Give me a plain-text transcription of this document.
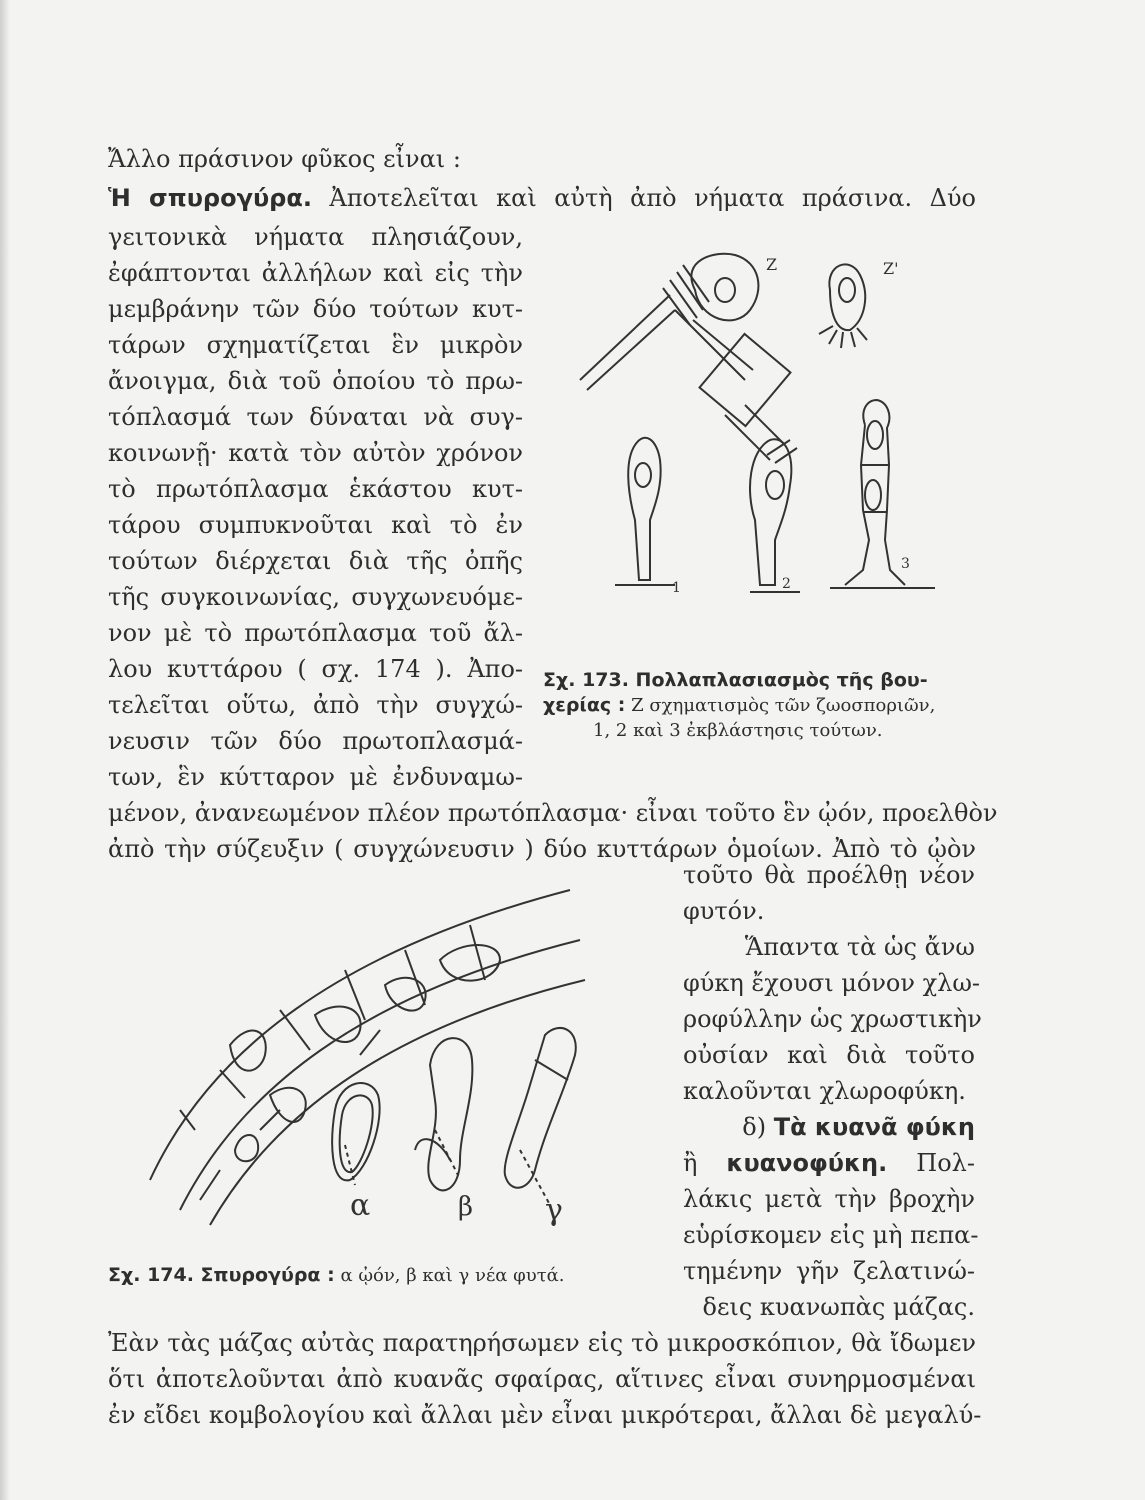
Ἄλλο πράσινον φῦκος εἶναι :
Ἡ σπυρογύρα. Ἀποτελεῖται καὶ αὐτὴ ἀπὸ νήματα πράσινα. Δύο
γειτονικὰ νήματα πλησιάζουν,
ἐφάπτονται ἀλλήλων καὶ εἰς τὴν
μεμβράνην τῶν δύο τούτων κυτ-
τάρων σχηματίζεται ἓν μικρὸν
ἄνοιγμα, διὰ τοῦ ὁποίου τὸ πρω-
τόπλασμά των δύναται νὰ συγ-
κοινωνῇ· κατὰ τὸν αὐτὸν χρόνον
τὸ πρωτόπλασμα ἑκάστου κυτ-
τάρου συμπυκνοῦται καὶ τὸ ἐν
τούτων διέρχεται διὰ τῆς ὀπῆς
τῆς συγκοινωνίας, συγχωνευόμε-
νον μὲ τὸ πρωτόπλασμα τοῦ ἄλ-
λου κυττάρου ( σχ. 174 ). Ἀπο-
τελεῖται οὕτω, ἀπὸ τὴν συγχώ-
νευσιν τῶν δύο πρωτοπλασμά-
των, ἓν κύτταρον μὲ ἐνδυναμω-
μένον, ἀνανεωμένον πλέον πρωτόπλασμα· εἶναι τοῦτο ἓν ᾠόν, προελθὸν
ἀπὸ τὴν σύζευξιν ( συγχώνευσιν ) δύο κυττάρων ὁμοίων. Ἀπὸ τὸ ᾠὸν
Z	Z'
1	2
3
Σχ. 173. Πολλαπλασιασμὸς τῆς βου-
χερίας : Z σχηματισμὸς τῶν ζωοσποριῶν,
1, 2 καὶ 3 ἐκβλάστησις τούτων.
α	β γ
Σχ. 174. Σπυρογύρα : α ᾠόν, β καὶ γ νέα φυτά.
τοῦτο θὰ προέλθῃ νέον
φυτόν.
Ἅπαντα τὰ ὡς ἄνω
φύκη ἔχουσι μόνον χλω-
ροφύλλην ὡς χρωστικὴν
οὐσίαν καὶ διὰ τοῦτο
καλοῦνται χλωροφύκη.
δ) Τὰ κυανᾶ φύκη
ἢ κυανοφύκη. Πολ-
λάκις μετὰ τὴν βροχὴν
εὑρίσκομεν εἰς μὴ πεπα-
τημένην γῆν ζελατινώ-
δεις κυανωπὰς μάζας.
Ἐὰν τὰς μάζας αὐτὰς παρατηρήσωμεν εἰς τὸ μικροσκόπιον, θὰ ἴδωμεν
ὅτι ἀποτελοῦνται ἀπὸ κυανᾶς σφαίρας, αἵτινες εἶναι συνηρμοσμέναι
ἐν εἴδει κομβολογίου καὶ ἄλλαι μὲν εἶναι μικρότεραι, ἄλλαι δὲ μεγαλύ-
